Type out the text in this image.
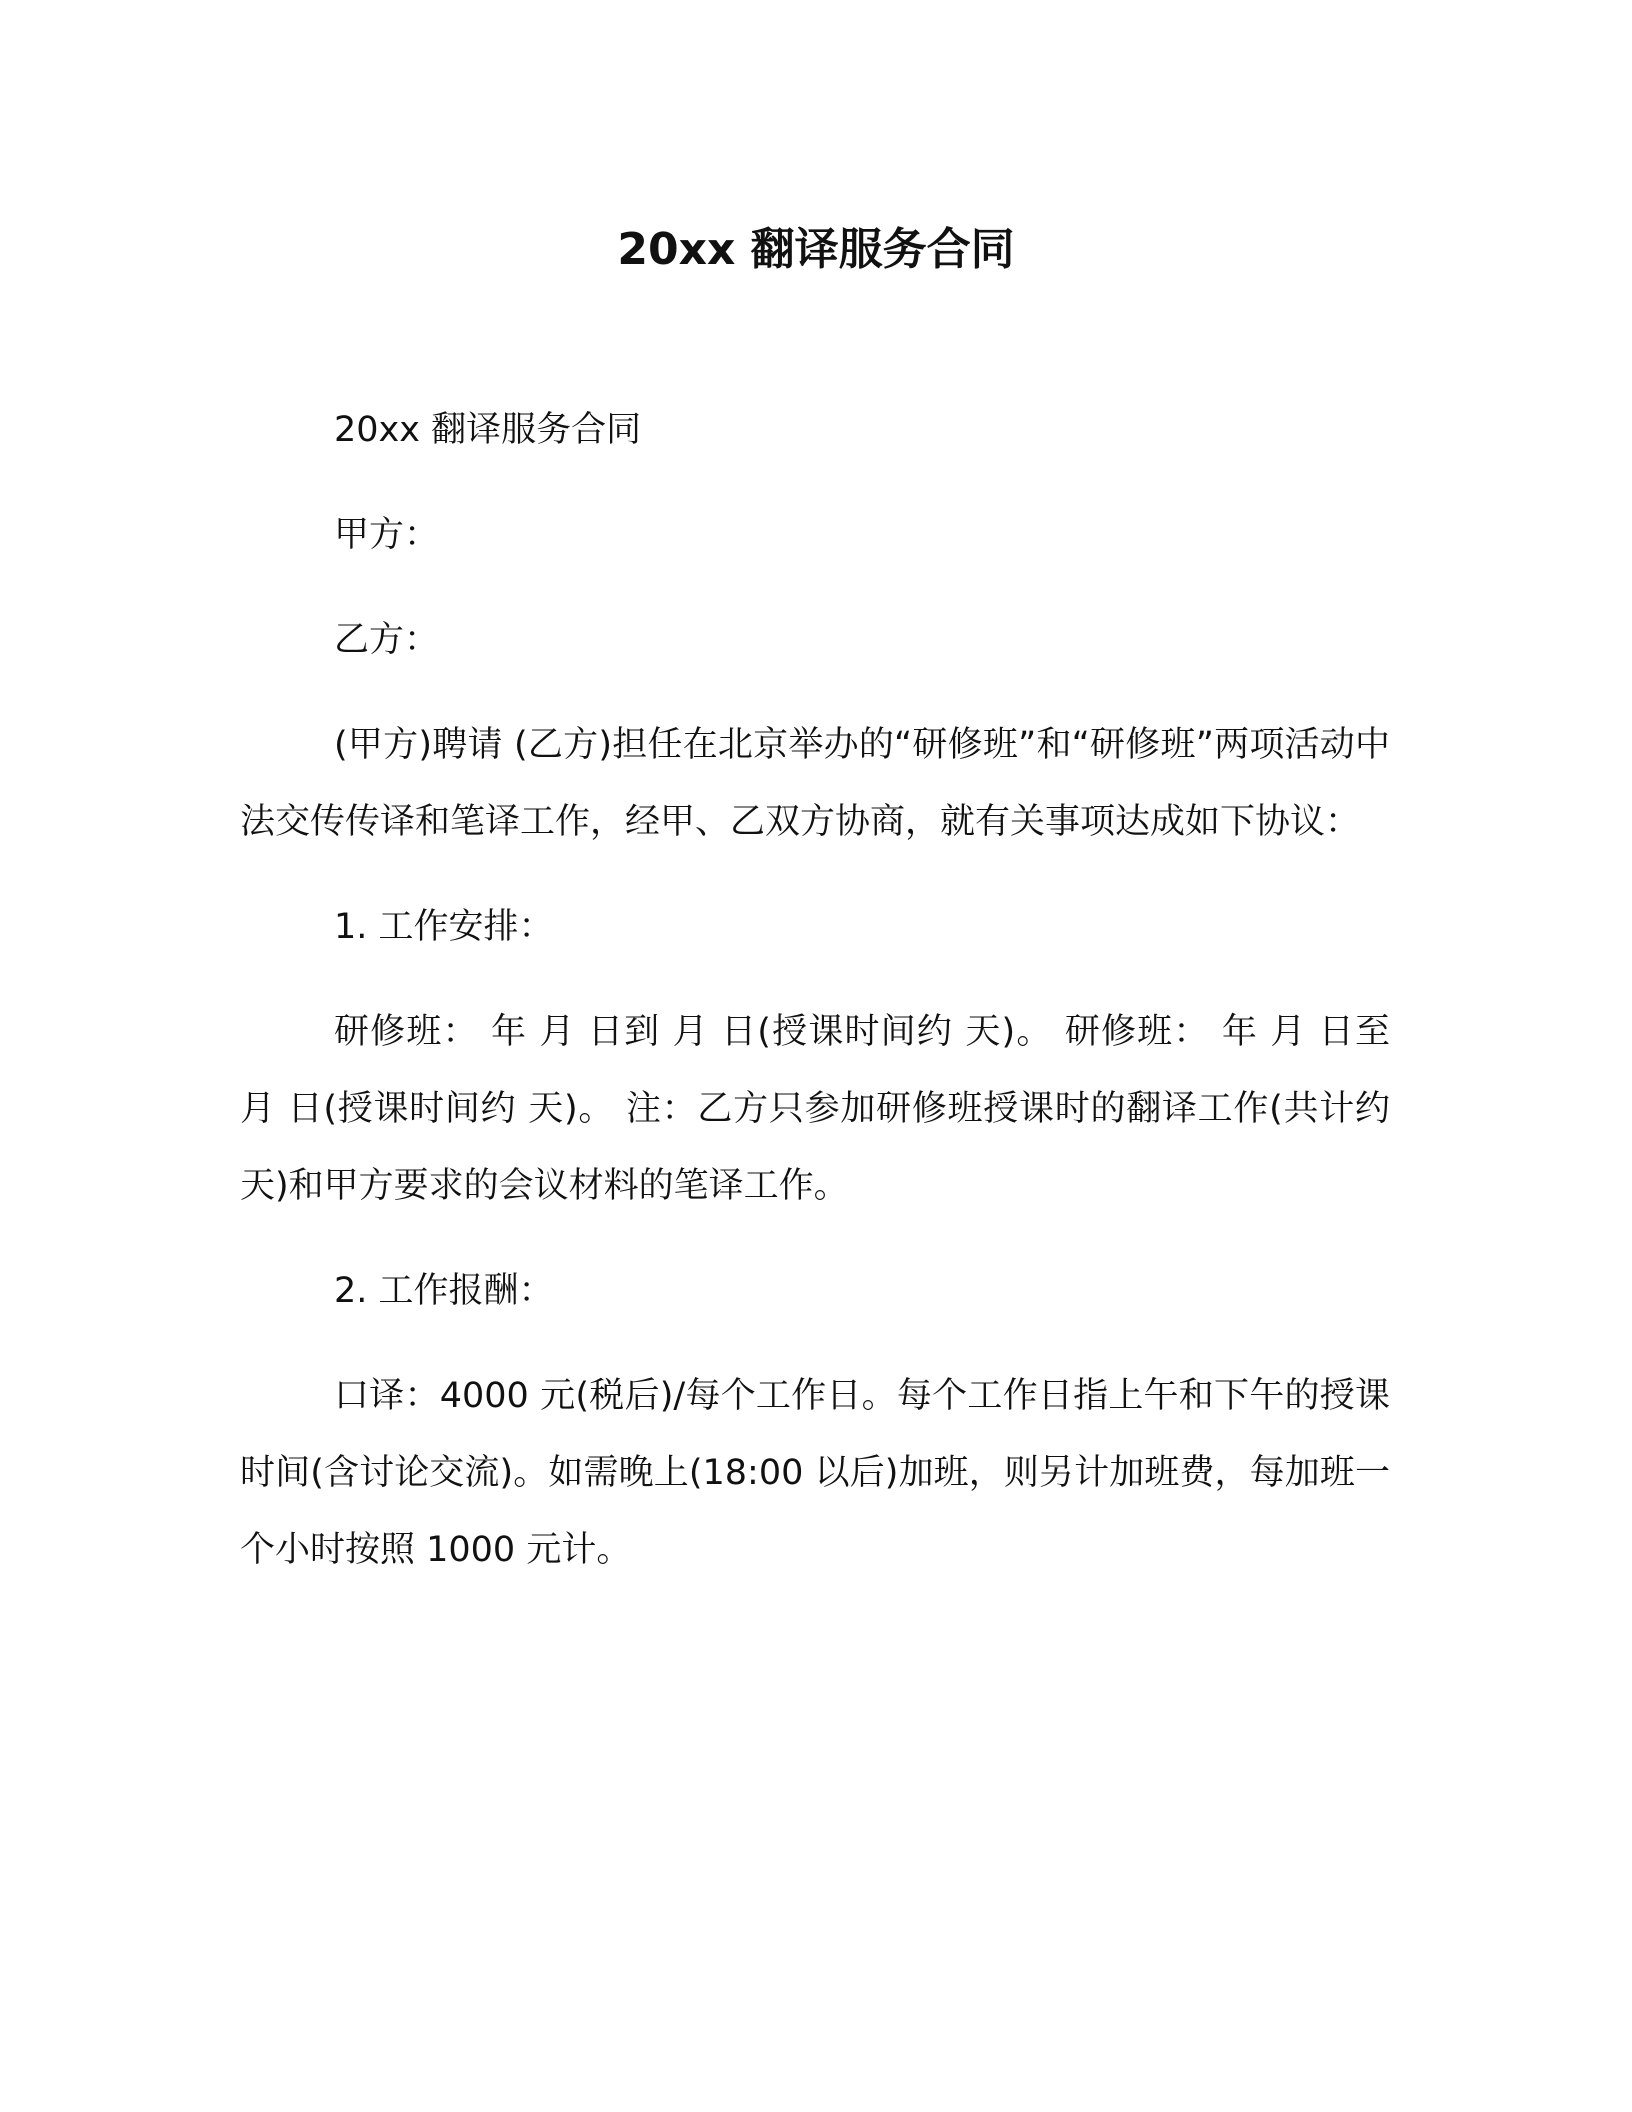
20xx 翻译服务合同

20xx 翻译服务合同

甲方：

乙方：

(甲方)聘请 (乙方)担任在北京举办的“研修班”和“研修班”两项活动中法交传传译和笔译工作，经甲、乙双方协商，就有关事项达成如下协议：

1. 工作安排：

研修班： 年 月 日到 月 日(授课时间约 天)。 研修班： 年 月 日至 月 日(授课时间约 天)。 注：乙方只参加研修班授课时的翻译工作(共计约 天)和甲方要求的会议材料的笔译工作。

2. 工作报酬：

口译：4000 元(税后)/每个工作日。每个工作日指上午和下午的授课时间(含讨论交流)。如需晚上(18:00 以后)加班，则另计加班费，每加班一个小时按照 1000 元计。
